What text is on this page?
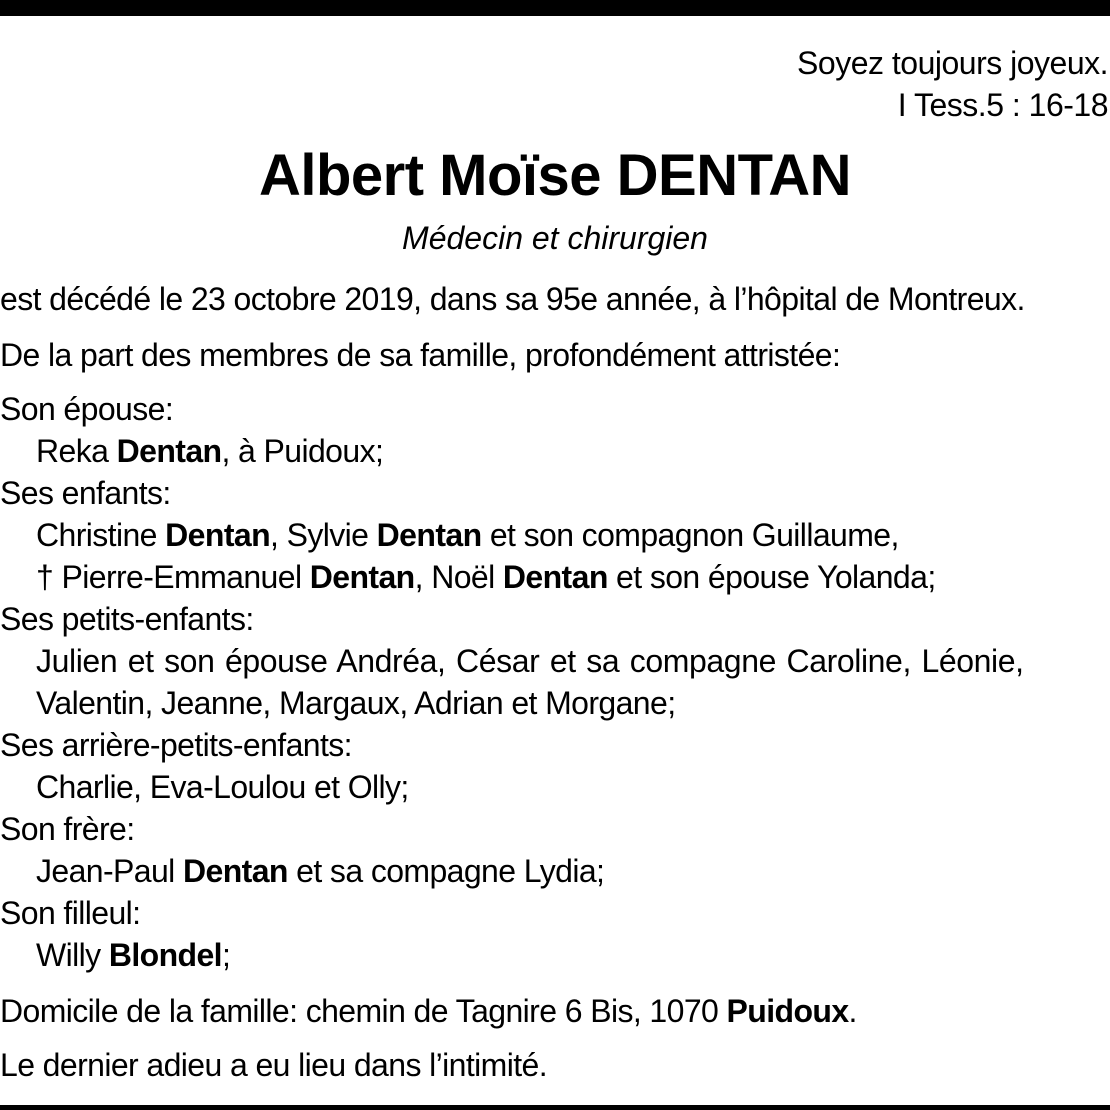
Soyez toujours joyeux.
I Tess.5 : 16-18
Albert Moïse DENTAN
Médecin et chirurgien
est décédé le 23 octobre 2019, dans sa 95e année, à l’hôpital de Montreux.
De la part des membres de sa famille, profondément attristée:
Son épouse:
Reka Dentan, à Puidoux;
Ses enfants:
Christine Dentan, Sylvie Dentan et son compagnon Guillaume,
† Pierre-Emmanuel Dentan, Noël Dentan et son épouse Yolanda;
Ses petits-enfants:
Julien et son épouse Andréa, César et sa compagne Caroline, Léonie,
Valentin, Jeanne, Margaux, Adrian et Morgane;
Ses arrière-petits-enfants:
Charlie, Eva-Loulou et Olly;
Son frère:
Jean-Paul Dentan et sa compagne Lydia;
Son filleul:
Willy Blondel;
Domicile de la famille: chemin de Tagnire 6 Bis, 1070 Puidoux.
Le dernier adieu a eu lieu dans l’intimité.
